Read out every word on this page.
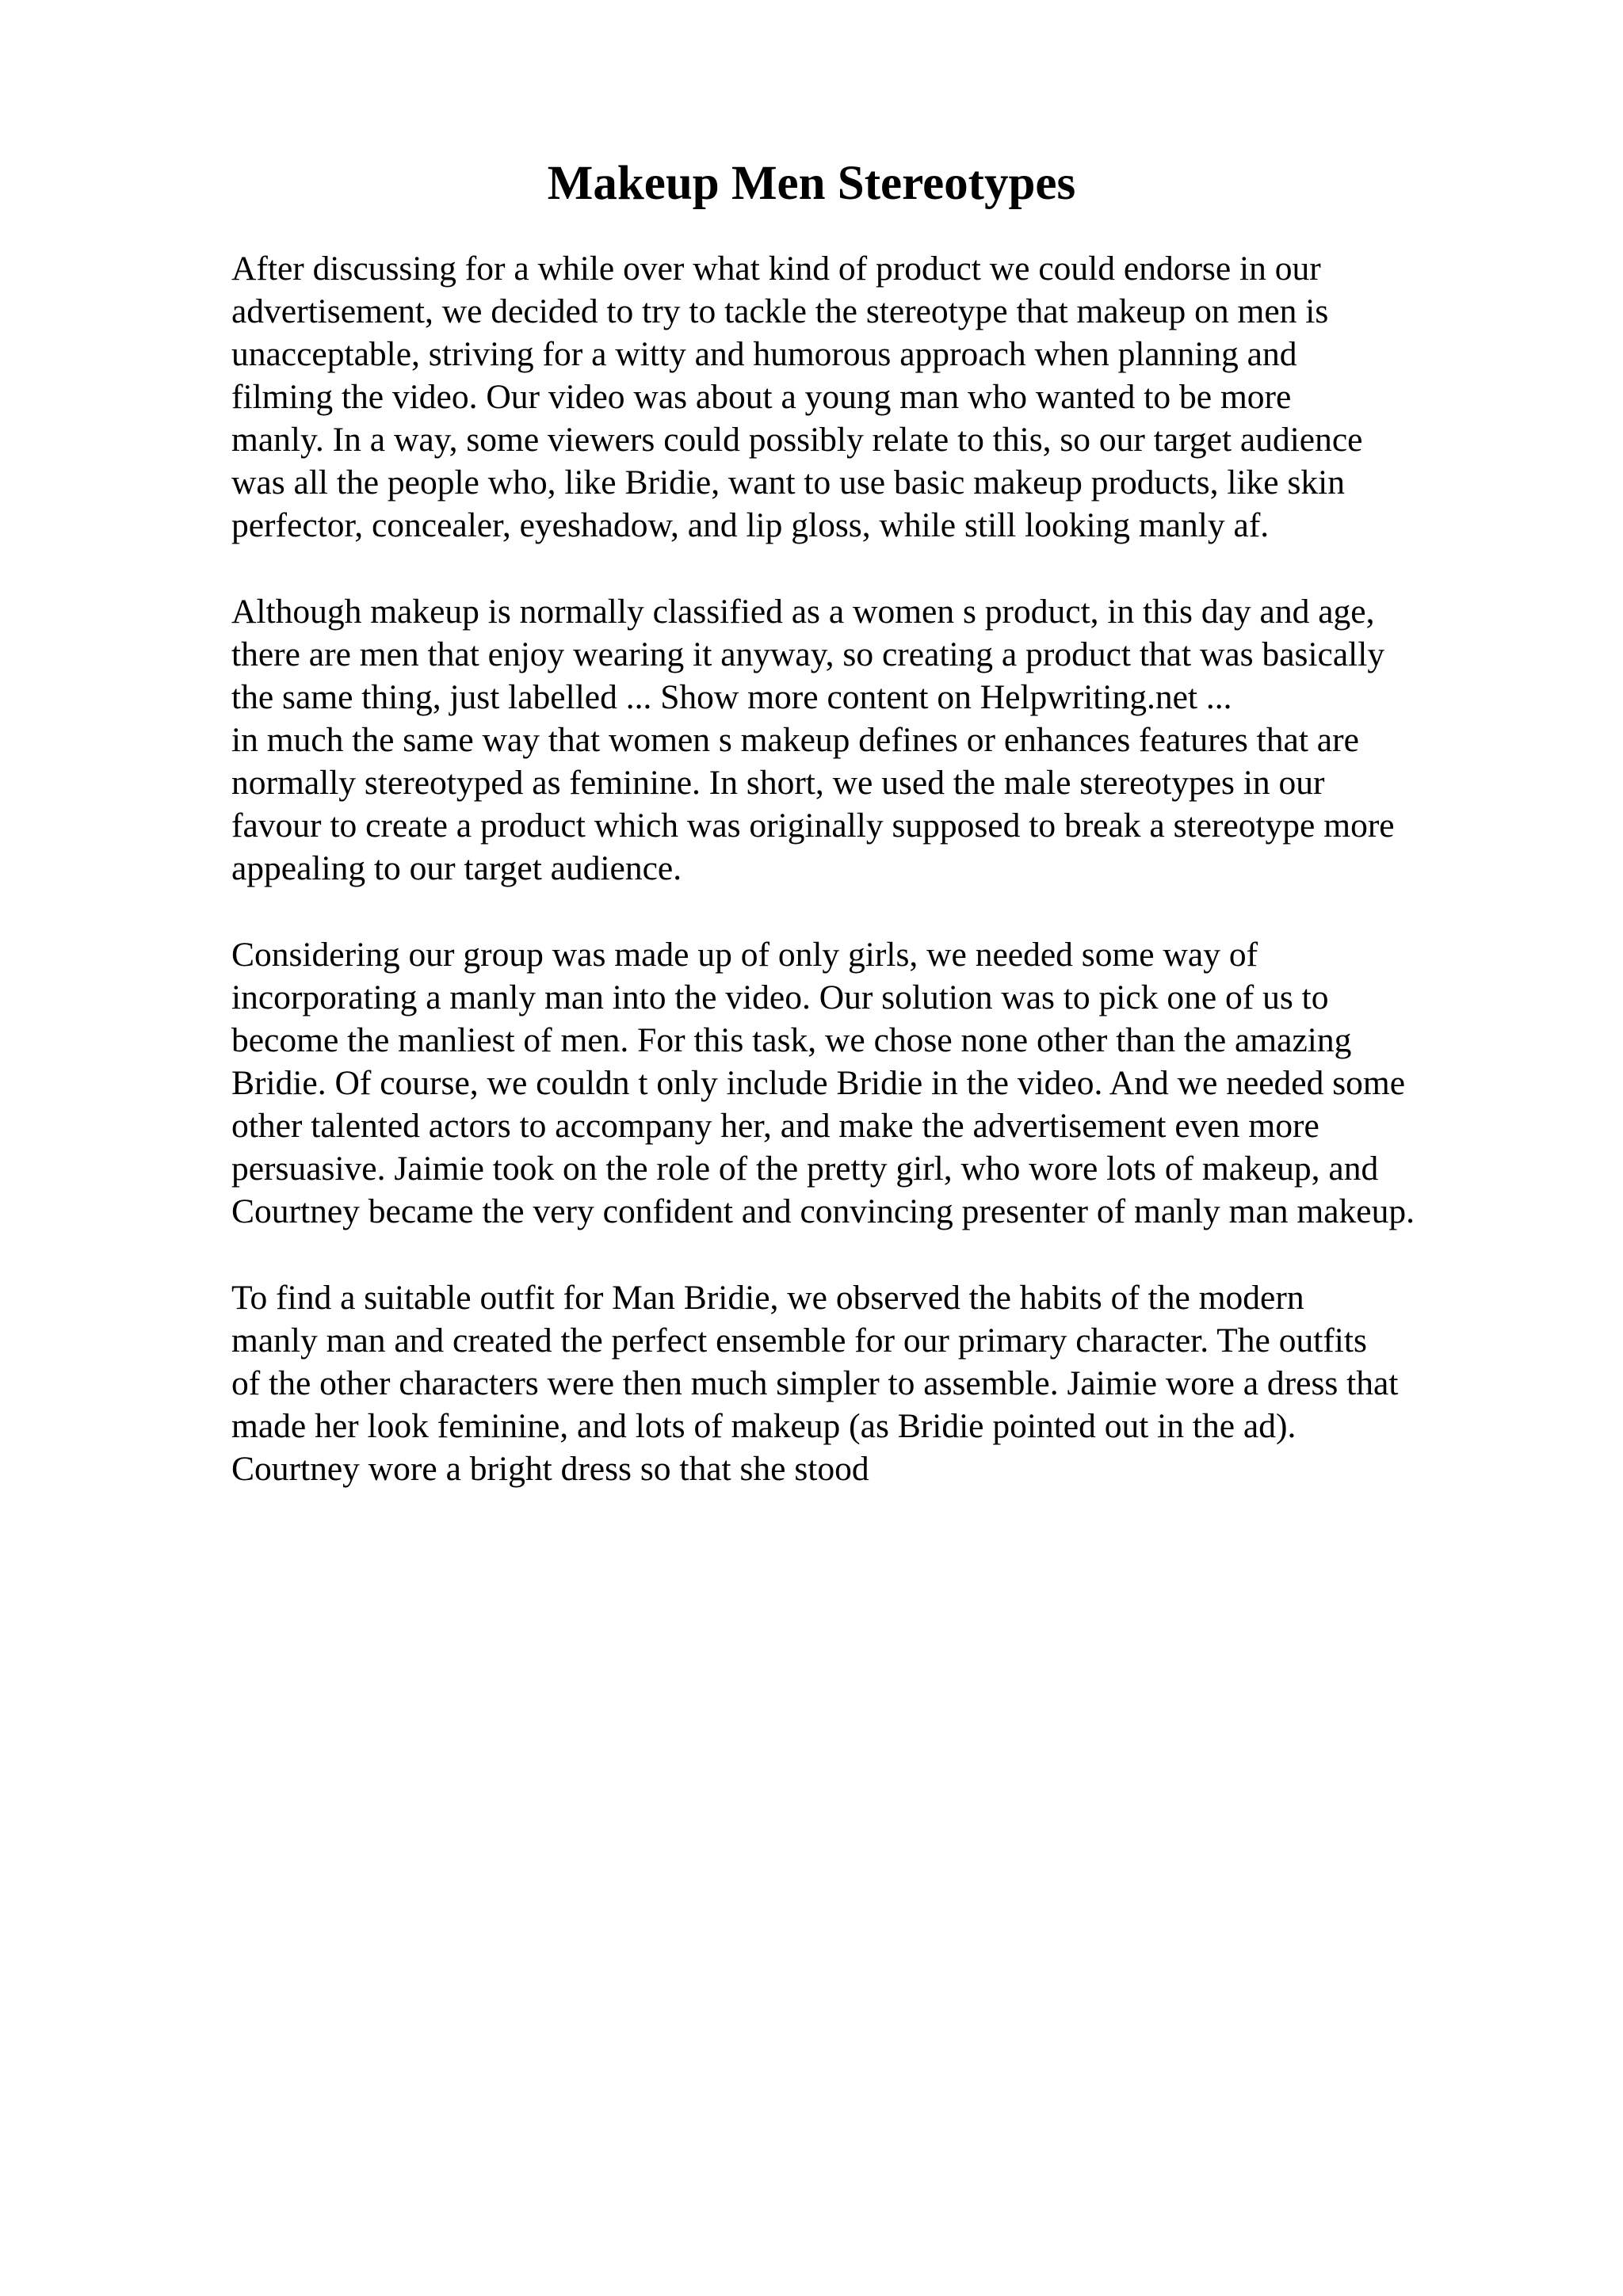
Makeup Men Stereotypes

After discussing for a while over what kind of product we could endorse in our

advertisement, we decided to try to tackle the stereotype that makeup on men is

unacceptable, striving for a witty and humorous approach when planning and

filming the video. Our video was about a young man who wanted to be more

manly. In a way, some viewers could possibly relate to this, so our target audience

was all the people who, like Bridie, want to use basic makeup products, like skin

perfector, concealer, eyeshadow, and lip gloss, while still looking manly af.

Although makeup is normally classified as a women s product, in this day and age,

there are men that enjoy wearing it anyway, so creating a product that was basically

the same thing, just labelled ... Show more content on Helpwriting.net ...

in much the same way that women s makeup defines or enhances features that are

normally stereotyped as feminine. In short, we used the male stereotypes in our

favour to create a product which was originally supposed to break a stereotype more

appealing to our target audience.

Considering our group was made up of only girls, we needed some way of

incorporating a manly man into the video. Our solution was to pick one of us to

become the manliest of men. For this task, we chose none other than the amazing

Bridie. Of course, we couldn t only include Bridie in the video. And we needed some

other talented actors to accompany her, and make the advertisement even more

persuasive. Jaimie took on the role of the pretty girl, who wore lots of makeup, and

Courtney became the very confident and convincing presenter of manly man makeup.

To find a suitable outfit for Man Bridie, we observed the habits of the modern

manly man and created the perfect ensemble for our primary character. The outfits

of the other characters were then much simpler to assemble. Jaimie wore a dress that

made her look feminine, and lots of makeup (as Bridie pointed out in the ad).

Courtney wore a bright dress so that she stood
